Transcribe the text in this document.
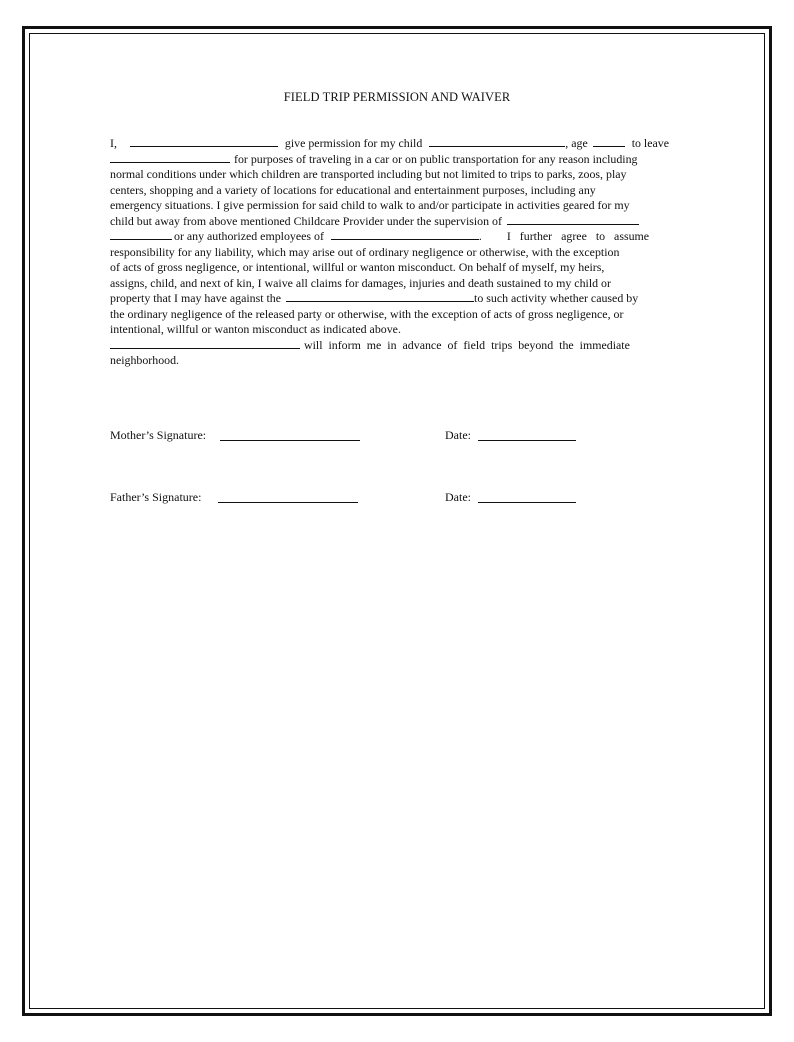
FIELD TRIP PERMISSION AND WAIVER
I,	give permission for my child	, age	to leave
for purposes of traveling in a car or on public transportation for any reason including
normal conditions under which children are transported including but not limited to trips to parks, zoos, play
centers, shopping and a variety of locations for educational and entertainment purposes, including any
emergency situations. I give permission for said child to walk to and/or participate in activities geared for my
child but away from above mentioned Childcare Provider under the supervision of
or any authorized employees of	. I further agree to assume
responsibility for any liability, which may arise out of ordinary negligence or otherwise, with the exception
of acts of gross negligence, or intentional, willful or wanton misconduct. On behalf of myself, my heirs,
assigns, child, and next of kin, I waive all claims for damages, injuries and death sustained to my child or
property that I may have against the	to such activity whether caused by
the ordinary negligence of the released party or otherwise, with the exception of acts of gross negligence, or
intentional, willful or wanton misconduct as indicated above.
will inform me in advance of field trips beyond the immediate
neighborhood.
Mother’s Signature:	Date:
Father’s Signature:	Date:
